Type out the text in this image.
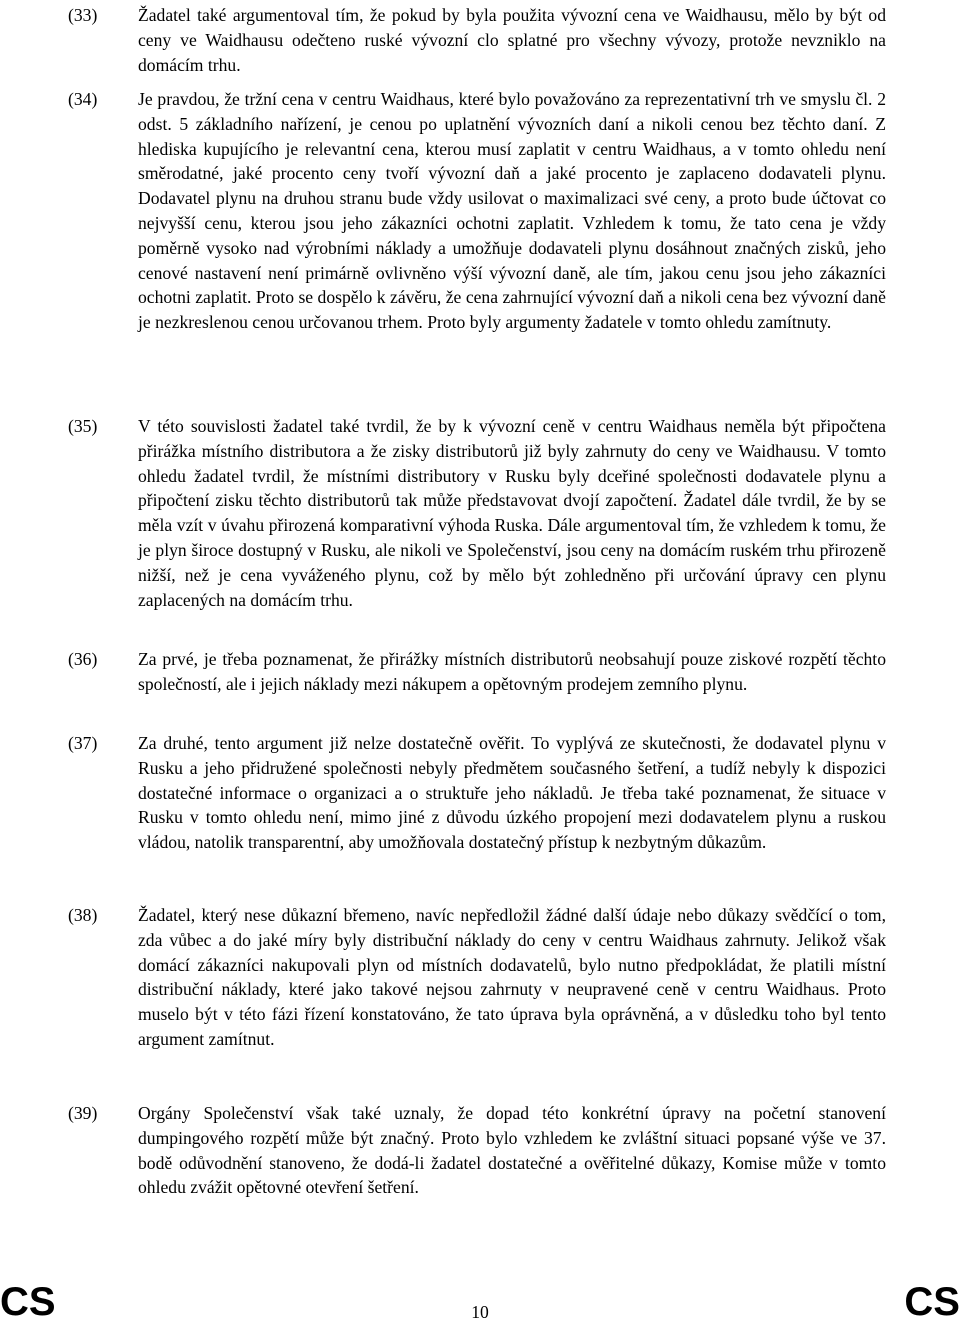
(33) Žadatel také argumentoval tím, že pokud by byla použita vývozní cena ve Waidhausu, mělo by být od ceny ve Waidhausu odečteno ruské vývozní clo splatné pro všechny vývozy, protože nevzniklo na domácím trhu.

(34) Je pravdou, že tržní cena v centru Waidhaus, které bylo považováno za reprezentativní trh ve smyslu čl. 2 odst. 5 základního nařízení, je cenou po uplatnění vývozních daní a nikoli cenou bez těchto daní. Z hlediska kupujícího je relevantní cena, kterou musí zaplatit v centru Waidhaus, a v tomto ohledu není směrodatné, jaké procento ceny tvoří vývozní daň a jaké procento je zaplaceno dodavateli plynu. Dodavatel plynu na druhou stranu bude vždy usilovat o maximalizaci své ceny, a proto bude účtovat co nejvyšší cenu, kterou jsou jeho zákazníci ochotni zaplatit. Vzhledem k tomu, že tato cena je vždy poměrně vysoko nad výrobními náklady a umožňuje dodavateli plynu dosáhnout značných zisků, jeho cenové nastavení není primárně ovlivněno výší vývozní daně, ale tím, jakou cenu jsou jeho zákazníci ochotni zaplatit. Proto se dospělo k závěru, že cena zahrnující vývozní daň a nikoli cena bez vývozní daně je nezkreslenou cenou určovanou trhem. Proto byly argumenty žadatele v tomto ohledu zamítnuty.

(35) V této souvislosti žadatel také tvrdil, že by k vývozní ceně v centru Waidhaus neměla být připočtena přirážka místního distributora a že zisky distributorů již byly zahrnuty do ceny ve Waidhausu. V tomto ohledu žadatel tvrdil, že místními distributory v Rusku byly dceřiné společnosti dodavatele plynu a připočtení zisku těchto distributorů tak může představovat dvojí započtení. Žadatel dále tvrdil, že by se měla vzít v úvahu přirozená komparativní výhoda Ruska. Dále argumentoval tím, že vzhledem k tomu, že je plyn široce dostupný v Rusku, ale nikoli ve Společenství, jsou ceny na domácím ruském trhu přirozeně nižší, než je cena vyváženého plynu, což by mělo být zohledněno při určování úpravy cen plynu zaplacených na domácím trhu.

(36) Za prvé, je třeba poznamenat, že přirážky místních distributorů neobsahují pouze ziskové rozpětí těchto společností, ale i jejich náklady mezi nákupem a opětovným prodejem zemního plynu.

(37) Za druhé, tento argument již nelze dostatečně ověřit. To vyplývá ze skutečnosti, že dodavatel plynu v Rusku a jeho přidružené společnosti nebyly předmětem současného šetření, a tudíž nebyly k dispozici dostatečné informace o organizaci a o struktuře jeho nákladů. Je třeba také poznamenat, že situace v Rusku v tomto ohledu není, mimo jiné z důvodu úzkého propojení mezi dodavatelem plynu a ruskou vládou, natolik transparentní, aby umožňovala dostatečný přístup k nezbytným důkazům.

(38) Žadatel, který nese důkazní břemeno, navíc nepředložil žádné další údaje nebo důkazy svědčící o tom, zda vůbec a do jaké míry byly distribuční náklady do ceny v centru Waidhaus zahrnuty. Jelikož však domácí zákazníci nakupovali plyn od místních dodavatelů, bylo nutno předpokládat, že platili místní distribuční náklady, které jako takové nejsou zahrnuty v neupravené ceně v centru Waidhaus. Proto muselo být v této fázi řízení konstatováno, že tato úprava byla oprávněná, a v důsledku toho byl tento argument zamítnut.

(39) Orgány Společenství však také uznaly, že dopad této konkrétní úpravy na početní stanovení dumpingového rozpětí může být značný. Proto bylo vzhledem ke zvláštní situaci popsané výše ve 37. bodě odůvodnění stanoveno, že dodá-li žadatel dostatečné a ověřitelné důkazy, Komise může v tomto ohledu zvážit opětovné otevření šetření.

CS	10	CS
